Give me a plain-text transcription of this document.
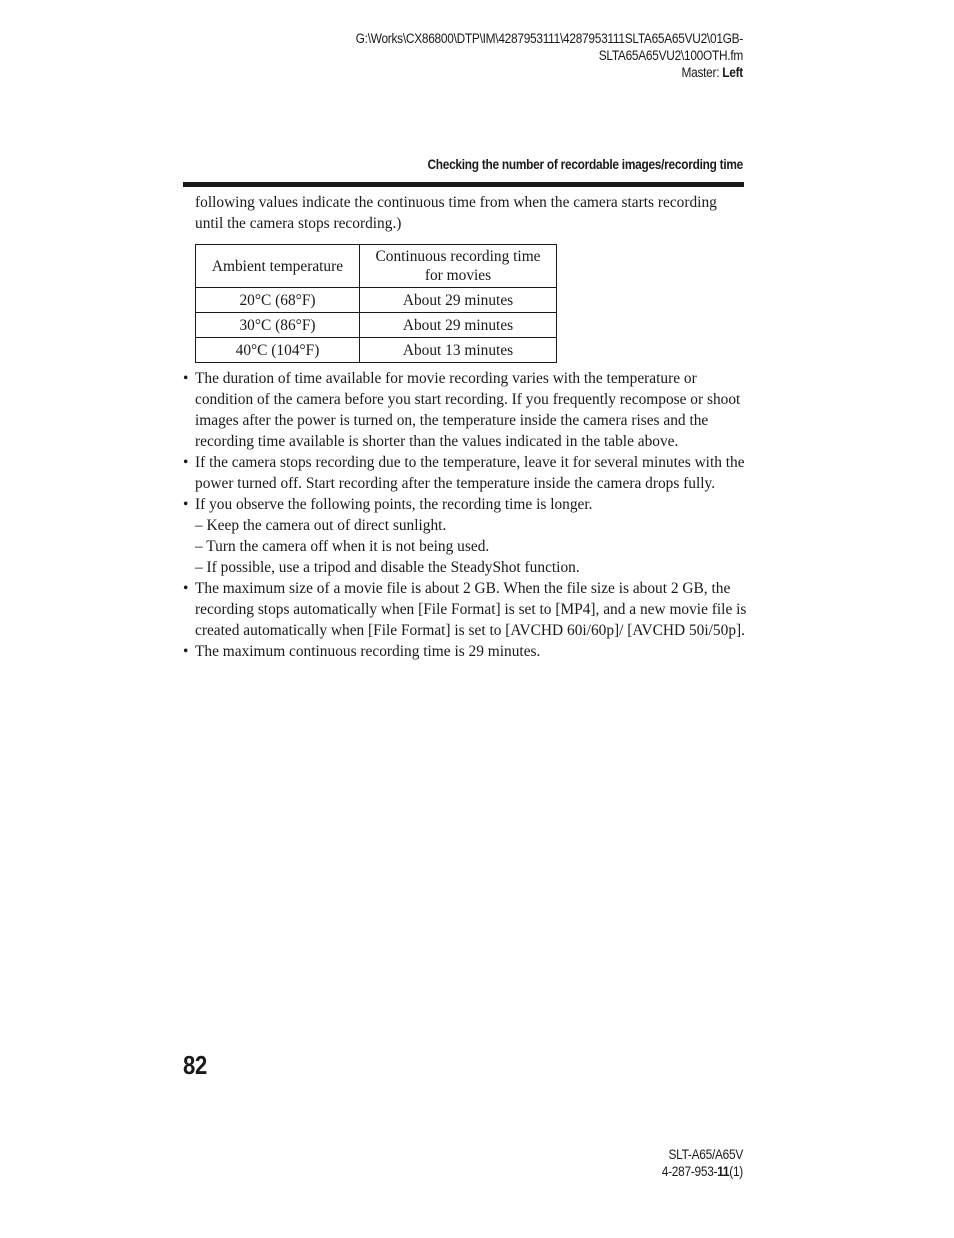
G:\Works\CX86800\DTP\IM\4287953111\4287953111SLTA65A65VU2\01GB-
SLTA65A65VU2\100OTH.fm
Master: Left
Checking the number of recordable images/recording time
following values indicate the continuous time from when the camera starts recording until the camera stops recording.)
Ambient temperature	Continuous recording time for movies
20°C (68°F)	About 29 minutes
30°C (86°F)	About 29 minutes
40°C (104°F)	About 13 minutes
• The duration of time available for movie recording varies with the temperature or condition of the camera before you start recording. If you frequently recompose or shoot images after the power is turned on, the temperature inside the camera rises and the recording time available is shorter than the values indicated in the table above.
• If the camera stops recording due to the temperature, leave it for several minutes with the power turned off. Start recording after the temperature inside the camera drops fully.
• If you observe the following points, the recording time is longer.
– Keep the camera out of direct sunlight.
– Turn the camera off when it is not being used.
– If possible, use a tripod and disable the SteadyShot function.
• The maximum size of a movie file is about 2 GB. When the file size is about 2 GB, the recording stops automatically when [File Format] is set to [MP4], and a new movie file is created automatically when [File Format] is set to [AVCHD 60i/60p]/ [AVCHD 50i/50p].
• The maximum continuous recording time is 29 minutes.
82
SLT-A65/A65V
4-287-953-11(1)
